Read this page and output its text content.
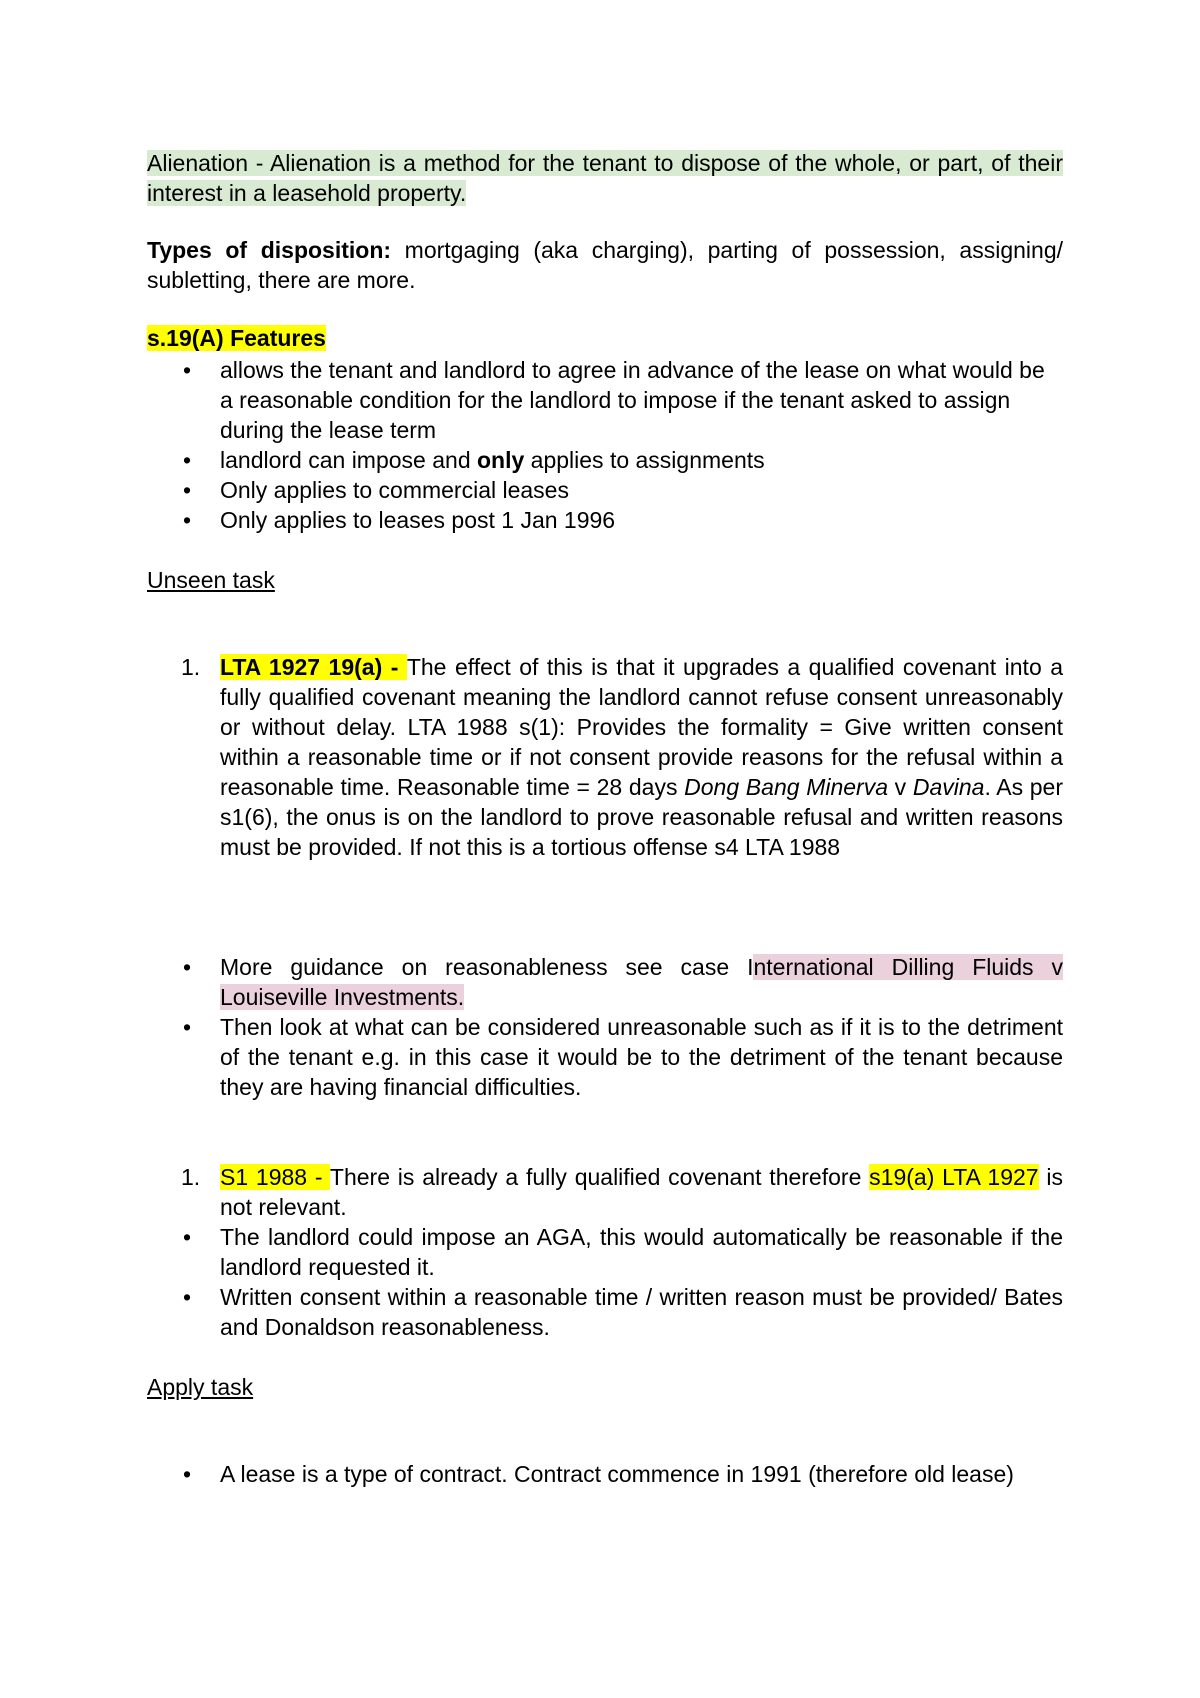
Alienation - Alienation is a method for the tenant to dispose of the whole, or part, of their interest in a leasehold property.

Types of disposition: mortgaging (aka charging), parting of possession, assigning/ subletting, there are more.

s.19(A) Features

•	allows the tenant and landlord to agree in advance of the lease on what would be a reasonable condition for the landlord to impose if the tenant asked to assign during the lease term
•	landlord can impose and only applies to assignments
•	Only applies to commercial leases
•	Only applies to leases post 1 Jan 1996

Unseen task

1. LTA 1927 19(a) - The effect of this is that it upgrades a qualified covenant into a fully qualified covenant meaning the landlord cannot refuse consent unreasonably or without delay. LTA 1988 s(1): Provides the formality = Give written consent within a reasonable time or if not consent provide reasons for the refusal within a reasonable time. Reasonable time = 28 days Dong Bang Minerva v Davina. As per s1(6), the onus is on the landlord to prove reasonable refusal and written reasons must be provided. If not this is a tortious offense s4 LTA 1988
•	More guidance on reasonableness see case International Dilling Fluids v Louiseville Investments.
•	Then look at what can be considered unreasonable such as if it is to the detriment of the tenant e.g. in this case it would be to the detriment of the tenant because they are having financial difficulties.
1. S1 1988 - There is already a fully qualified covenant therefore s19(a) LTA 1927 is not relevant.
•	The landlord could impose an AGA, this would automatically be reasonable if the landlord requested it.
•	Written consent within a reasonable time / written reason must be provided/ Bates and Donaldson reasonableness.

Apply task

•	A lease is a type of contract. Contract commence in 1991 (therefore old lease)
